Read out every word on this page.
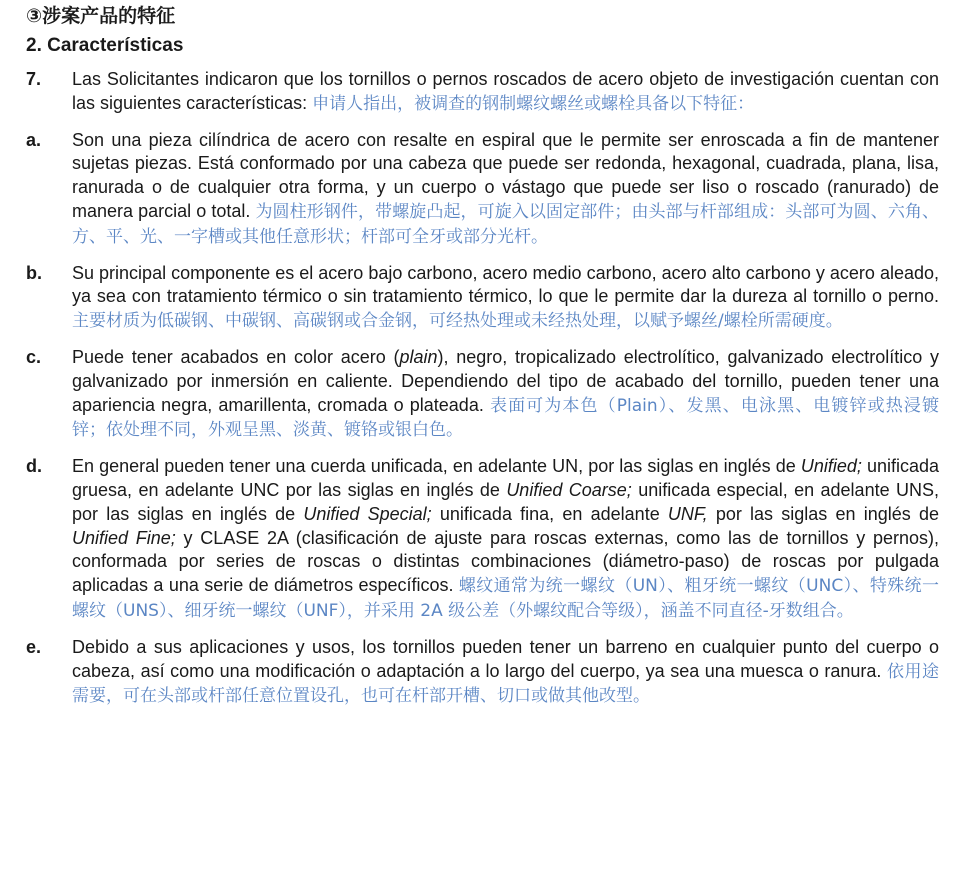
③涉案产品的特征
2. Características
7.	Las Solicitantes indicaron que los tornillos o pernos roscados de acero objeto de investigación cuentan con las siguientes características: 申请人指出，被调查的钢制螺纹螺丝或螺栓具备以下特征：
a.	Son una pieza cilíndrica de acero con resalte en espiral que le permite ser enroscada a fin de mantener sujetas piezas. Está conformado por una cabeza que puede ser redonda, hexagonal, cuadrada, plana, lisa, ranurada o de cualquier otra forma, y un cuerpo o vástago que puede ser liso o roscado (ranurado) de manera parcial o total. 为圆柱形钢件，带螺旋凸起，可旋入以固定部件；由头部与杆部组成：头部可为圆、六角、方、平、光、一字槽或其他任意形状；杆部可全牙或部分光杆。
b.	Su principal componente es el acero bajo carbono, acero medio carbono, acero alto carbono y acero aleado, ya sea con tratamiento térmico o sin tratamiento térmico, lo que le permite dar la dureza al tornillo o perno. 主要材质为低碳钢、中碳钢、高碳钢或合金钢，可经热处理或未经热处理，以赋予螺丝/螺栓所需硬度。
c.	Puede tener acabados en color acero (plain), negro, tropicalizado electrolítico, galvanizado electrolítico y galvanizado por inmersión en caliente. Dependiendo del tipo de acabado del tornillo, pueden tener una apariencia negra, amarillenta, cromada o plateada. 表面可为本色（Plain）、发黑、电泳黑、电镀锌或热浸镀锌；依处理不同，外观呈黑、淡黄、镀铬或银白色。
d.	En general pueden tener una cuerda unificada, en adelante UN, por las siglas en inglés de Unified; unificada gruesa, en adelante UNC por las siglas en inglés de Unified Coarse; unificada especial, en adelante UNS, por las siglas en inglés de Unified Special; unificada fina, en adelante UNF, por las siglas en inglés de Unified Fine; y CLASE 2A (clasificación de ajuste para roscas externas, como las de tornillos y pernos), conformada por series de roscas o distintas combinaciones (diámetro-paso) de roscas por pulgada aplicadas a una serie de diámetros específicos. 螺纹通常为统一螺纹（UN）、粗牙统一螺纹（UNC）、特殊统一螺纹（UNS）、细牙统一螺纹（UNF），并采用 2A 级公差（外螺纹配合等级），涵盖不同直径-牙数组合。
e.	Debido a sus aplicaciones y usos, los tornillos pueden tener un barreno en cualquier punto del cuerpo o cabeza, así como una modificación o adaptación a lo largo del cuerpo, ya sea una muesca o ranura. 依用途需要，可在头部或杆部任意位置设孔，也可在杆部开槽、切口或做其他改型。
